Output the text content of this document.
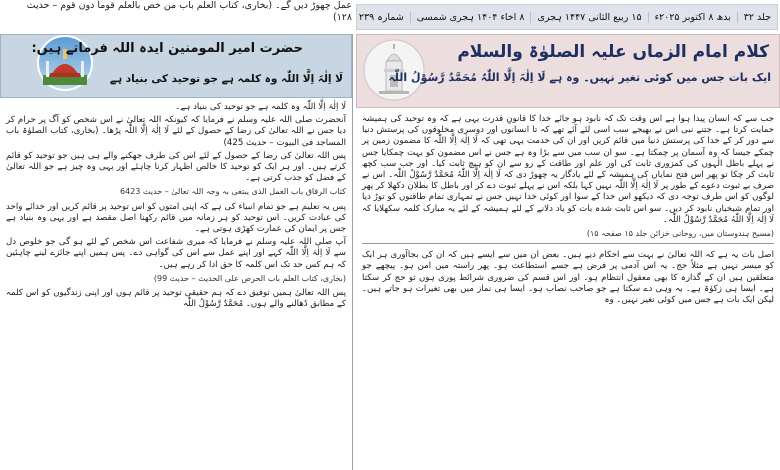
عمل چھوڑ دیں گے۔ (بخاری، کتاب العلم باب من خص بالعلم قوماً دون قوم – حدیث ۱۲۸)	جلد ۳۲
بدھ ۸ اکتوبر ۲۰۲۵ء
۱۵ ربیع الثانی ۱۴۴۷ ہجری
۸ اخاء ۱۴۰۴ ہجری شمسی
شمارہ ۲۳۹
حضرت امیر المومنین ایدہ اللہ فرماتے ہیں:
لَا اِلٰہَ اِلَّا اللّٰہ وہ کلمہ ہے جو توحید کی بنیاد ہے

لَا اِلٰہَ اِلَّا اللّٰہ وہ کلمہ ہے جو توحید کی بنیاد ہے۔

آنحضرت صلی اللہ علیہ وسلم نے فرمایا کہ کیونکہ اللہ تعالیٰ نے اس شخص کو آگ پر حرام کر دیا جس نے اللہ تعالیٰ کی رضا کے حصول کے لئے لَا اِلٰہَ اِلَّا اللّٰہ پڑھا۔ (بخاری، کتاب الصلوٰۃ باب المساجد فی البیوت – حدیث 425)

پس اللہ تعالیٰ کی رضا کے حصول کے لئے اس کی طرف جھکنے والے ہی ہیں جو توحید کو قائم کرتے ہیں۔ اور ہر ایک کو توحید کا خالص اظہار کرنا چاہئے اور یہی وہ چیز ہے جو اللہ تعالیٰ کے فضل کو جذب کرتی ہے۔

کتاب الرقاق باب العمل الذی یبتغی بہ وجہ اللہ تعالیٰ – حدیث 6423

پس یہ تعلیم ہے جو تمام انبیاء کی ہے کہ اپنی امتوں کو اس توحید پر قائم کریں اور خدائے واحد کی عبادت کریں۔ اس توحید کو ہر زمانہ میں قائم رکھنا اصل مقصد ہے اور یہی وہ بنیاد ہے جس پر ایمان کی عمارت کھڑی ہوتی ہے۔

آپ صلی اللہ علیہ وسلم نے فرمایا کہ میری شفاعت اس شخص کے لئے ہو گی جو خلوص دل سے لَا اِلٰہَ اِلَّا اللّٰہ کہے اور اپنے عمل سے اس کی گواہی دے۔ پس ہمیں اپنے جائزے لینے چاہئیں کہ ہم کس حد تک اس کلمہ کا حق ادا کر رہے ہیں۔

(بخاری، کتاب العلم باب الحرص علی الحدیث – حدیث 99)

پس اللہ تعالیٰ ہمیں توفیق دے کہ ہم حقیقی توحید پر قائم ہوں اور اپنی زندگیوں کو اس کلمہ کے مطابق ڈھالنے والے ہوں۔ مُحَمَّدٌ رَّسُوْلُ اللّٰہ

کلام امام الزماں علیہ الصلوٰۃ والسلام
ایک بات جس میں کوئی تغیر نہیں۔ وہ ہے لَا اِلٰہَ اِلَّا اللّٰہُ مُحَمَّدٌ رَّسُوْلُ اللّٰہ

جب سے کہ انسان پیدا ہوا ہے اس وقت تک کہ نابود ہو جائے خدا کا قانونِ قدرت یہی ہے کہ وہ توحید کی ہمیشہ حمایت کرتا ہے۔ جتنے نبی اس نے بھیجے سب اسی لئے آئے تھے کہ تا انسانوں اور دوسری مخلوقوں کی پرستش دنیا سے دور کر کے خدا کی پرستش دنیا میں قائم کریں اور ان کی خدمت یہی تھی کہ لَا اِلٰہَ اِلَّا اللّٰہ کا مضمون زمین پر چمکے جیسا کہ وہ آسمان پر چمکتا ہے۔ سو ان سب میں سے بڑا وہ ہے جس نے اس مضمون کو بہت چمکایا جس نے پہلے باطل الٰہوں کی کمزوری ثابت کی اور علم اور طاقت کے رو سے ان کو ہیچ ثابت کیا۔ اور جب سب کچھ ثابت کر چکا تو پھر اس فتح نمایاں کی ہمیشہ کے لئے یادگار یہ چھوڑ دی کہ لَا اِلٰہَ اِلَّا اللّٰہُ مُحَمَّدٌ رَّسُوْلُ اللّٰہ۔ اس نے صرف بے ثبوت دعوے کے طور پر لَا اِلٰہَ اِلَّا اللّٰہ نہیں کہا بلکہ اس نے پہلے ثبوت دے کر اور باطل کا بطلان دکھلا کر پھر لوگوں کو اس طرف توجہ دی کہ دیکھو اس خدا کے سوا اور کوئی خدا نہیں جس نے تمہاری تمام طاقتوں کو توڑ دیا اور تمام شیخیاں نابود کر دیں۔ سو اس ثابت شدہ بات کو یاد دلانے کے لئے ہمیشہ کے لئے یہ مبارک کلمہ سکھلایا کہ لَا اِلٰہَ اِلَّا اللّٰہُ مُحَمَّدٌ رَّسُوْلُ اللّٰہ۔

(مسیح ہندوستان میں، روحانی خزائن جلد ۱۵ صفحہ ۱۵)

اصل بات یہ ہے کہ اللہ تعالیٰ نے بہت سے احکام دیے ہیں۔ بعض ان میں سے ایسے ہیں کہ ان کی بجاآوری ہر ایک کو میسر نہیں ہے مثلاً حج۔ یہ اس آدمی پر فرض ہے جسے استطاعت ہو۔ پھر راستہ میں امن ہو۔ پیچھے جو متعلقین ہیں ان کے گذارہ کا بھی معقول انتظام ہو۔ اور اس قسم کی ضروری شرائط پوری ہوں تو حج کر سکتا ہے۔ ایسا ہی زکوٰۃ ہے۔ یہ وہی دے سکتا ہے جو صاحب نصاب ہو۔ ایسا ہی نماز میں بھی تغیرات ہو جاتے ہیں۔ لیکن ایک بات ہے جس میں کوئی تغیر نہیں۔ وہ
